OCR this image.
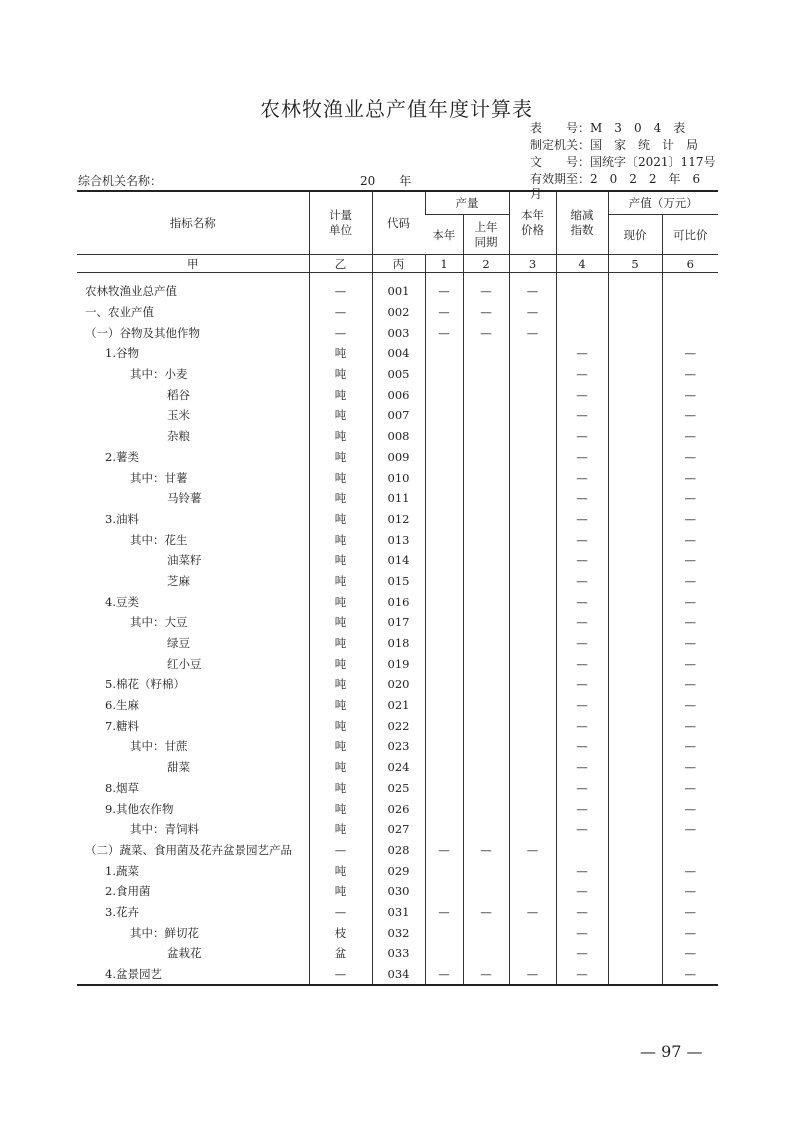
农林牧渔业总产值年度计算表
表　　号：M　3　0　4　表
制定机关：国　家　统　计　局
文　　号：国统字〔2021〕117号
有效期至：2　0　2　2　年　6　月
综合机关名称：	20　　年
指标名称	计量单位	代码	产量		本年价格	缩减指数	产值（万元）	
			本年	上年同期			现价	可比价
甲	乙	丙	1	2	3	4	5	6
农林牧渔业总产值	—	001	—	—	—			
一、农业产值	—	002	—	—	—			
（一）谷物及其他作物	—	003	—	—	—			
1.谷物	吨	004				—		—
其中：小麦	吨	005				—		—
稻谷	吨	006				—		—
玉米	吨	007				—		—
杂粮	吨	008				—		—
2.薯类	吨	009				—		—
其中：甘薯	吨	010				—		—
马铃薯	吨	011				—		—
3.油料	吨	012				—		—
其中：花生	吨	013				—		—
油菜籽	吨	014				—		—
芝麻	吨	015				—		—
4.豆类	吨	016				—		—
其中：大豆	吨	017				—		—
绿豆	吨	018				—		—
红小豆	吨	019				—		—
5.棉花（籽棉）	吨	020				—		—
6.生麻	吨	021				—		—
7.糖料	吨	022				—		—
其中：甘蔗	吨	023				—		—
甜菜	吨	024				—		—
8.烟草	吨	025				—		—
9.其他农作物	吨	026				—		—
其中：青饲料	吨	027				—		—
（二）蔬菜、食用菌及花卉盆景园艺产品	—	028	—	—	—			
1.蔬菜	吨	029				—		—
2.食用菌	吨	030				—		—
3.花卉	—	031	—	—	—	—		—
其中：鲜切花	枝	032				—		—
盆栽花	盆	033				—		—
4.盆景园艺	—	034	—	—	—	—		—
— 97 —
